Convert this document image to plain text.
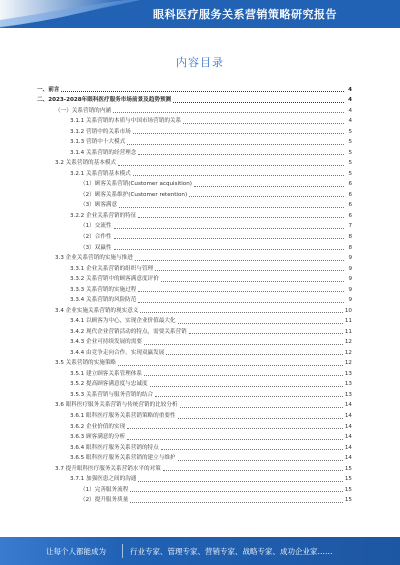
眼科医疗服务关系营销策略研究报告
内容目录
一、前言	4
二、2023-2028年眼科医疗服务市场前景及趋势预测	4
（一）关系营销的内涵	4
3.1.1 关系营销的本质与中国市场营销的关系	4
3.1.2 营销中的关系市场	5
3.1.3 营销中十大模式	5
3.1.4 关系营销的经营理念	5
3.2 关系营销的基本模式	5
3.2.1 关系营销基本模式	5
（1）顾客关系营销(Customer acquisition)	6
（2）顾客关系维护(Customer retention)	6
（3）顾客满意	6
3.2.2 企业关系营销的特征	6
（1）交流性	7
（2）合作性	8
（3）双赢性	8
3.3 企业关系营销的实施与推进	9
3.3.1 企业关系营销的组织与管理	9
3.3.2 关系营销中的顾客满意度评价	9
3.3.3 关系营销的实施过程	9
3.3.4 关系营销的风险防范	9
3.4 企业实施关系营销的现实意义	10
3.4.1 以顾客为中心，实现企业价值最大化	11
3.4.2 现代企业营销活动的特点，需要关系营销	11
3.4.3 企业可持续发展的需要	12
3.4.4 由竞争走向合作，实现双赢发展	12
3.5 关系营销的实施策略	12
3.5.1 建立顾客关系管理体系	13
3.5.2 提高顾客满意度与忠诚度	13
3.5.3 关系营销与服务营销的结合	13
3.6 眼科医疗服务关系营销与传统营销的比较分析	14
3.6.1 眼科医疗服务关系营销策略的重要性	14
3.6.2 企业价值的实现	14
3.6.3 顾客满意的分析	14
3.6.4 眼科医疗服务关系营销的特点	14
3.6.5 眼科医疗服务关系营销的建立与维护	14
3.7 提升眼科医疗服务关系营销水平的对策	15
3.7.1 加强医患之间的沟通	15
（1）完善服务流程	15
（2）提升服务质量	15
让每个人都能成为	行业专家、管理专家、营销专家、战略专家、成功企业家……
